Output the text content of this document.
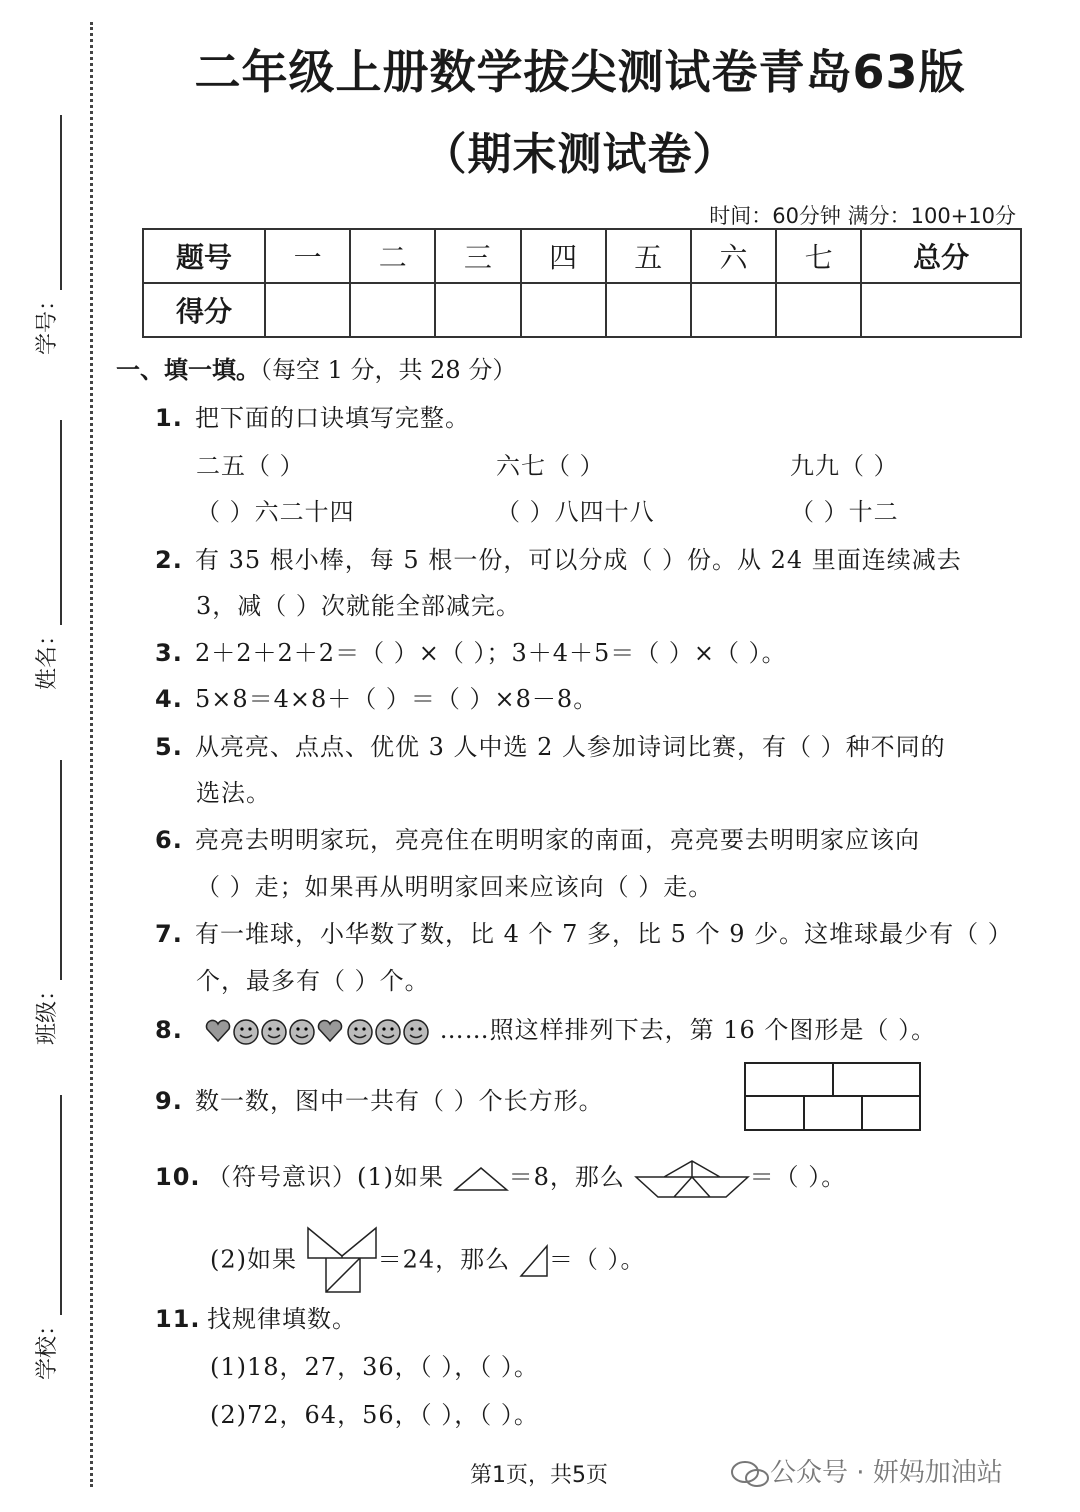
学号：
姓名：
班级：
学校：
二年级上册数学拔尖测试卷青岛63版
（期末测试卷）
时间：60分钟 满分：100+10分
题号	一	二	三	四	五	六	七	总分
得分								
一、填一填。（每空 1 分，共 28 分）
1. 把下面的口诀填写完整。
二五（ ）	六七（ ）	九九（ ）
（ ）六二十四	（ ）八四十八	（ ）十二
2. 有 35 根小棒，每 5 根一份，可以分成（ ）份。从 24 里面连续减去
3，减（ ）次就能全部减完。
3. 2＋2＋2＋2＝（ ）×（ ）；3＋4＋5＝（ ）×（ ）。
4. 5×8＝4×8＋（ ）＝（ ）×8－8。
5. 从亮亮、点点、优优 3 人中选 2 人参加诗词比赛，有（ ）种不同的
选法。
6. 亮亮去明明家玩，亮亮住在明明家的南面，亮亮要去明明家应该向
（ ）走；如果再从明明家回来应该向（ ）走。
7. 有一堆球，小华数了数，比 4 个 7 多，比 5 个 9 少。这堆球最少有（ ）
个，最多有（ ）个。
8.	……照这样排列下去，第 16 个图形是（ ）。
9. 数一数，图中一共有（ ）个长方形。
10. （符号意识）(1)如果	＝8，那么	＝（ ）。
(2)如果	＝24，那么 ＝（ ）。
11. 找规律填数。
(1)18，27，36，（ ），（ ）。
(2)72，64，56，（ ），（ ）。
第1页，共5页	公众号 · 妍妈加油站
